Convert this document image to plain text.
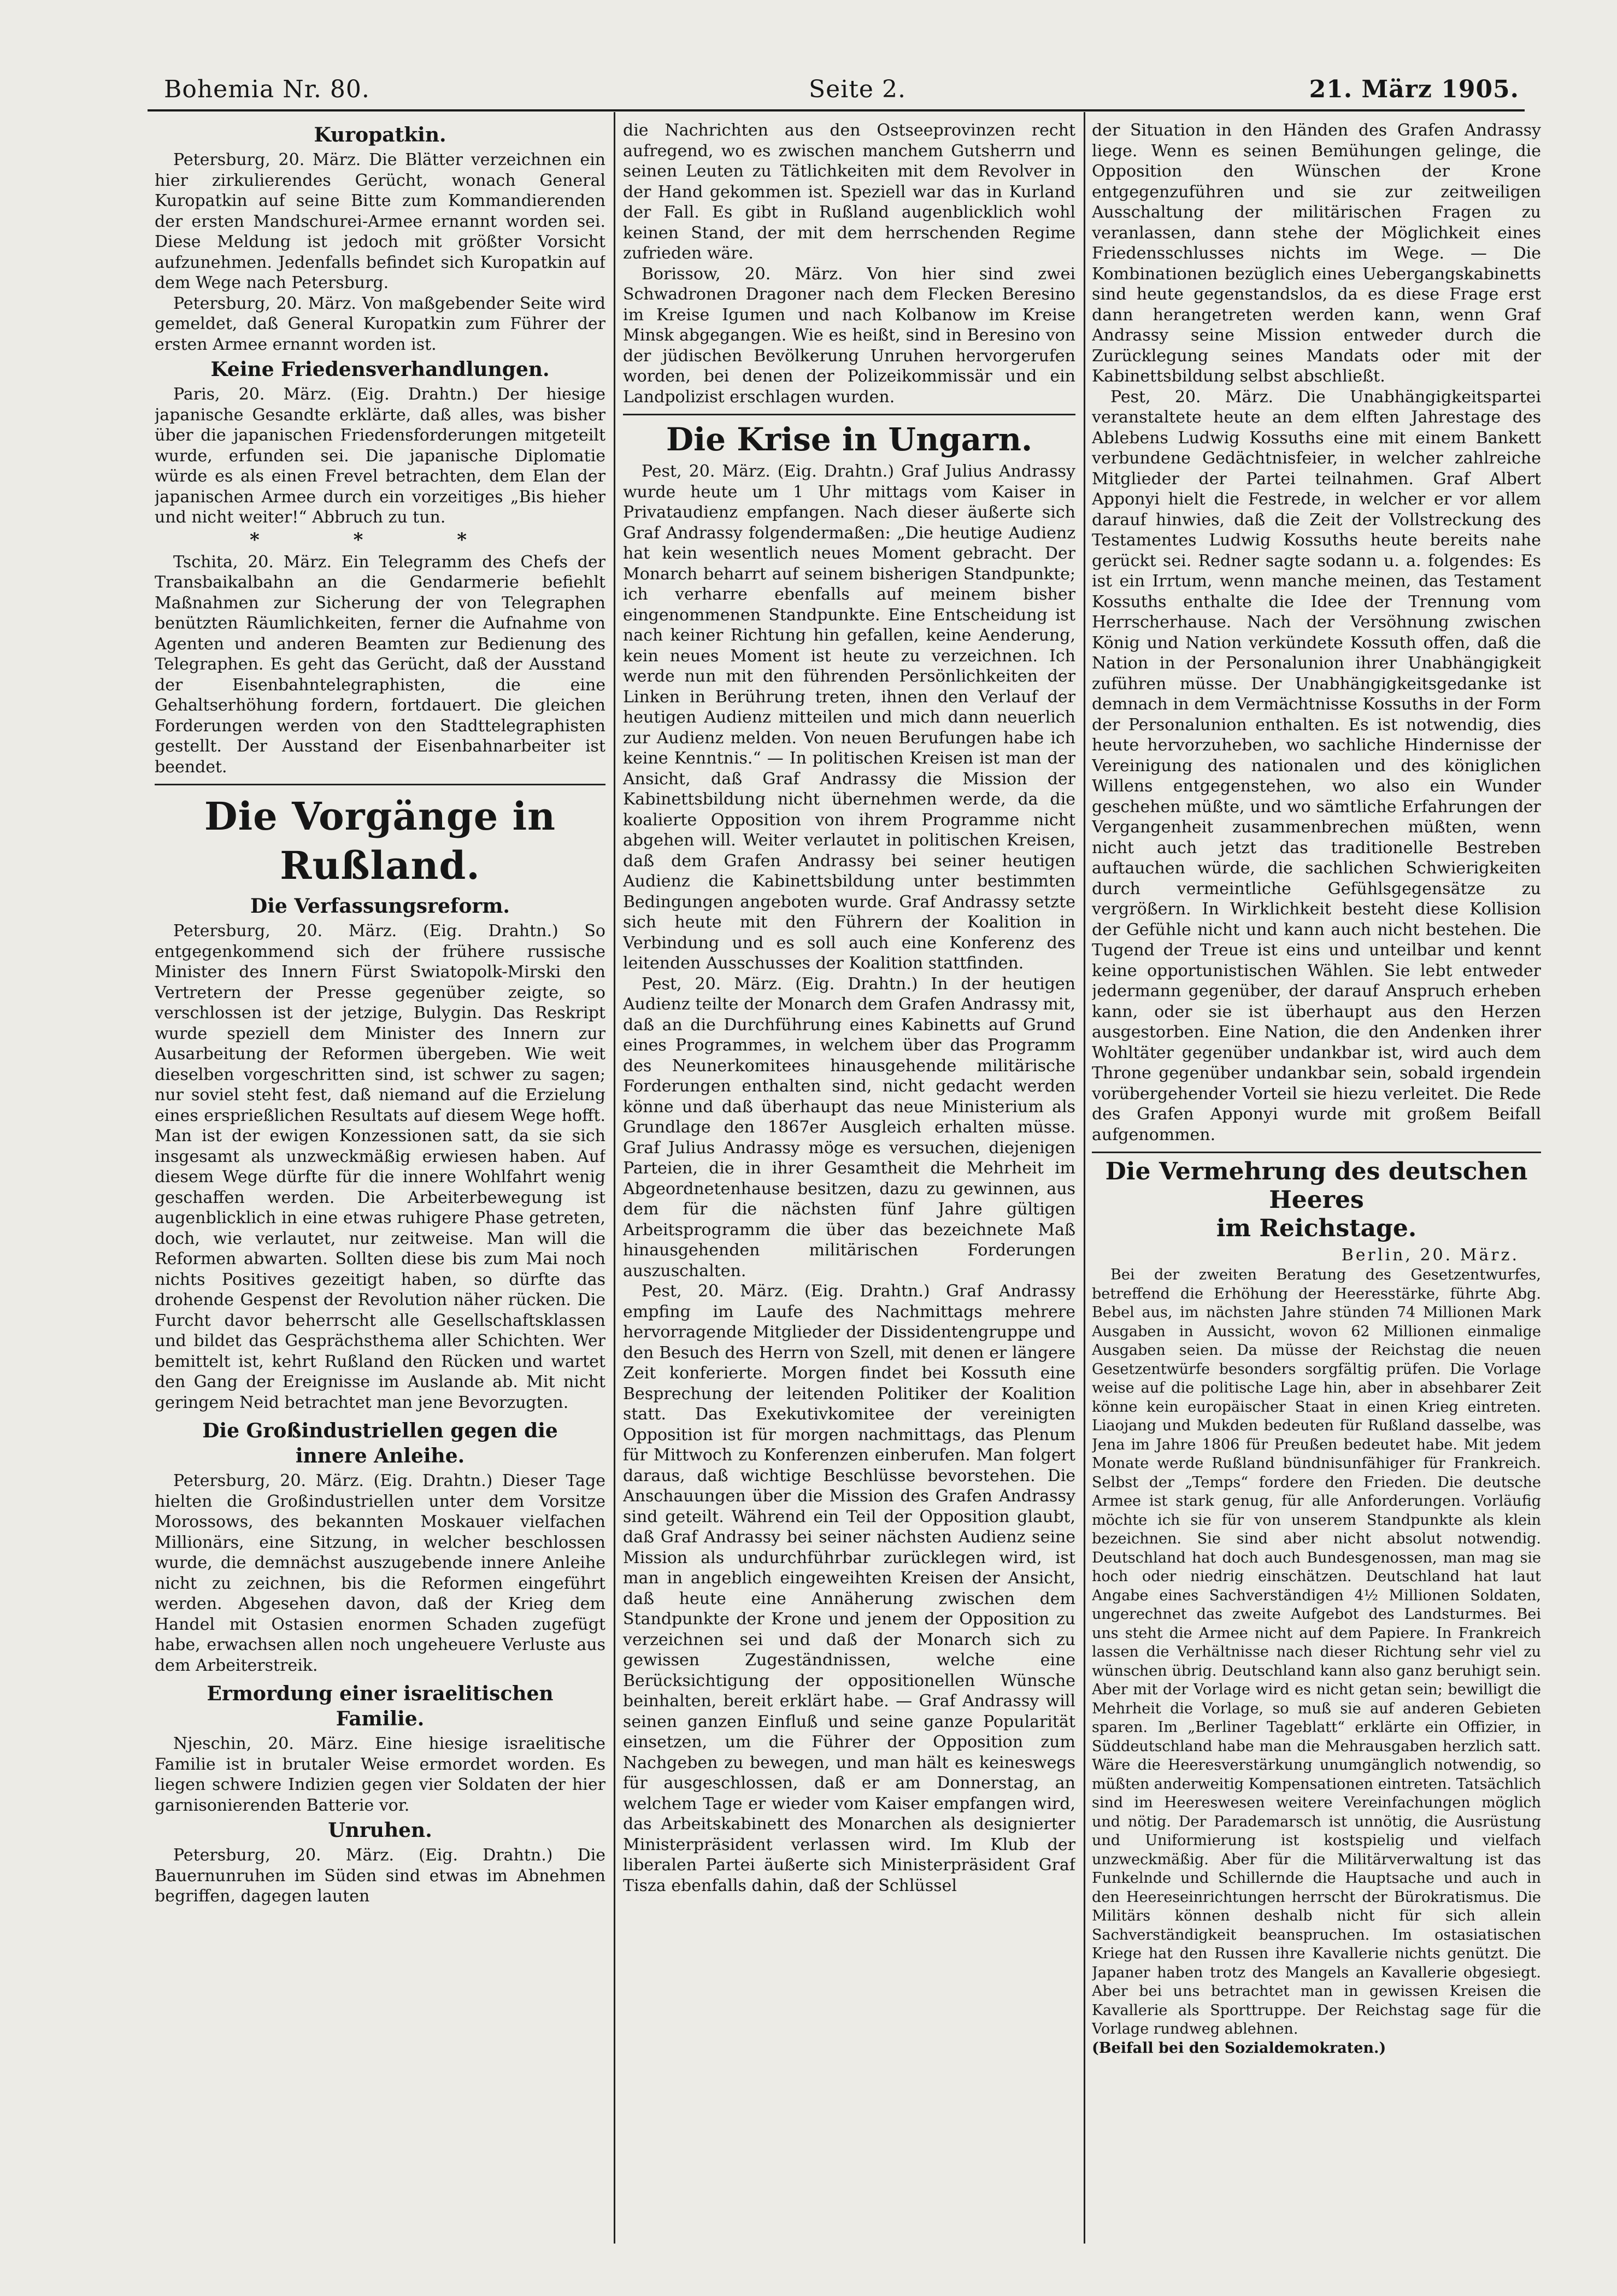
Bohemia Nr. 80.	Seite 2.	21. März 1905.
Kuropatkin.

Petersburg, 20. März. Die Blätter verzeichnen ein hier zirkulierendes Gerücht, wonach General Kuropatkin auf seine Bitte zum Kommandierenden der ersten Mandschurei-Armee ernannt worden sei. Diese Meldung ist jedoch mit größter Vorsicht aufzunehmen. Jedenfalls befindet sich Kuropatkin auf dem Wege nach Petersburg.

Petersburg, 20. März. Von maßgebender Seite wird gemeldet, daß General Kuropatkin zum Führer der ersten Armee ernannt worden ist.

Keine Friedensverhandlungen.

Paris, 20. März. (Eig. Drahtn.) Der hiesige japanische Gesandte erklärte, daß alles, was bisher über die japanischen Friedensforderungen mitgeteilt wurde, erfunden sei. Die japanische Diplomatie würde es als einen Frevel betrachten, dem Elan der japanischen Armee durch ein vorzeitiges „Bis hieher und nicht weiter!“ Abbruch zu tun.

* * *

Tschita, 20. März. Ein Telegramm des Chefs der Transbaikalbahn an die Gendarmerie befiehlt Maßnahmen zur Sicherung der von Telegraphen benützten Räumlichkeiten, ferner die Aufnahme von Agenten und anderen Beamten zur Bedienung des Telegraphen. Es geht das Gerücht, daß der Ausstand der Eisenbahntelegraphisten, die eine Gehaltserhöhung fordern, fortdauert. Die gleichen Forderungen werden von den Stadttelegraphisten gestellt. Der Ausstand der Eisenbahnarbeiter ist beendet.

Die Vorgänge in Rußland.
Die Verfassungsreform.

Petersburg, 20. März. (Eig. Drahtn.) So entgegenkommend sich der frühere russische Minister des Innern Fürst Swiatopolk-Mirski den Vertretern der Presse gegenüber zeigte, so verschlossen ist der jetzige, Bulygin. Das Reskript wurde speziell dem Minister des Innern zur Ausarbeitung der Reformen übergeben. Wie weit dieselben vorgeschritten sind, ist schwer zu sagen; nur soviel steht fest, daß niemand auf die Erzielung eines ersprießlichen Resultats auf diesem Wege hofft. Man ist der ewigen Konzessionen satt, da sie sich insgesamt als unzweckmäßig erwiesen haben. Auf diesem Wege dürfte für die innere Wohlfahrt wenig geschaffen werden. Die Arbeiterbewegung ist augenblicklich in eine etwas ruhigere Phase getreten, doch, wie verlautet, nur zeitweise. Man will die Reformen abwarten. Sollten diese bis zum Mai noch nichts Positives gezeitigt haben, so dürfte das drohende Gespenst der Revolution näher rücken. Die Furcht davor beherrscht alle Gesellschaftsklassen und bildet das Gesprächsthema aller Schichten. Wer bemittelt ist, kehrt Rußland den Rücken und wartet den Gang der Ereignisse im Auslande ab. Mit nicht geringem Neid betrachtet man jene Bevorzugten.

Die Großindustriellen gegen die
innere Anleihe.

Petersburg, 20. März. (Eig. Drahtn.) Dieser Tage hielten die Großindustriellen unter dem Vorsitze Morossows, des bekannten Moskauer vielfachen Millionärs, eine Sitzung, in welcher beschlossen wurde, die demnächst auszugebende innere Anleihe nicht zu zeichnen, bis die Reformen eingeführt werden. Abgesehen davon, daß der Krieg dem Handel mit Ostasien enormen Schaden zugefügt habe, erwachsen allen noch ungeheuere Verluste aus dem Arbeiterstreik.

Ermordung einer israelitischen
Familie.

Njeschin, 20. März. Eine hiesige israelitische Familie ist in brutaler Weise ermordet worden. Es liegen schwere Indizien gegen vier Soldaten der hier garnisonierenden Batterie vor.

Unruhen.

Petersburg, 20. März. (Eig. Drahtn.) Die Bauernunruhen im Süden sind etwas im Abnehmen begriffen, dagegen lauten

die Nachrichten aus den Ostseeprovinzen recht aufregend, wo es zwischen manchem Gutsherrn und seinen Leuten zu Tätlichkeiten mit dem Revolver in der Hand gekommen ist. Speziell war das in Kurland der Fall. Es gibt in Rußland augenblicklich wohl keinen Stand, der mit dem herrschenden Regime zufrieden wäre.

Borissow, 20. März. Von hier sind zwei Schwadronen Dragoner nach dem Flecken Beresino im Kreise Igumen und nach Kolbanow im Kreise Minsk abgegangen. Wie es heißt, sind in Beresino von der jüdischen Bevölkerung Unruhen hervorgerufen worden, bei denen der Polizeikommissär und ein Landpolizist erschlagen wurden.

Die Krise in Ungarn.

Pest, 20. März. (Eig. Drahtn.) Graf Julius Andrassy wurde heute um 1 Uhr mittags vom Kaiser in Privataudienz empfangen. Nach dieser äußerte sich Graf Andrassy folgendermaßen: „Die heutige Audienz hat kein wesentlich neues Moment gebracht. Der Monarch beharrt auf seinem bisherigen Standpunkte; ich verharre ebenfalls auf meinem bisher eingenommenen Standpunkte. Eine Entscheidung ist nach keiner Richtung hin gefallen, keine Aenderung, kein neues Moment ist heute zu verzeichnen. Ich werde nun mit den führenden Persönlichkeiten der Linken in Berührung treten, ihnen den Verlauf der heutigen Audienz mitteilen und mich dann neuerlich zur Audienz melden. Von neuen Berufungen habe ich keine Kenntnis.“ — In politischen Kreisen ist man der Ansicht, daß Graf Andrassy die Mission der Kabinettsbildung nicht übernehmen werde, da die koalierte Opposition von ihrem Programme nicht abgehen will. Weiter verlautet in politischen Kreisen, daß dem Grafen Andrassy bei seiner heutigen Audienz die Kabinettsbildung unter bestimmten Bedingungen angeboten wurde. Graf Andrassy setzte sich heute mit den Führern der Koalition in Verbindung und es soll auch eine Konferenz des leitenden Ausschusses der Koalition stattfinden.

Pest, 20. März. (Eig. Drahtn.) In der heutigen Audienz teilte der Monarch dem Grafen Andrassy mit, daß an die Durchführung eines Kabinetts auf Grund eines Programmes, in welchem über das Programm des Neunerkomitees hinausgehende militärische Forderungen enthalten sind, nicht gedacht werden könne und daß überhaupt das neue Ministerium als Grundlage den 1867er Ausgleich erhalten müsse. Graf Julius Andrassy möge es versuchen, diejenigen Parteien, die in ihrer Gesamtheit die Mehrheit im Abgeordnetenhause besitzen, dazu zu gewinnen, aus dem für die nächsten fünf Jahre gültigen Arbeitsprogramm die über das bezeichnete Maß hinausgehenden militärischen Forderungen auszuschalten.

Pest, 20. März. (Eig. Drahtn.) Graf Andrassy empfing im Laufe des Nachmittags mehrere hervorragende Mitglieder der Dissidentengruppe und den Besuch des Herrn von Szell, mit denen er längere Zeit konferierte. Morgen findet bei Kossuth eine Besprechung der leitenden Politiker der Koalition statt. Das Exekutivkomitee der vereinigten Opposition ist für morgen nachmittags, das Plenum für Mittwoch zu Konferenzen einberufen. Man folgert daraus, daß wichtige Beschlüsse bevorstehen. Die Anschauungen über die Mission des Grafen Andrassy sind geteilt. Während ein Teil der Opposition glaubt, daß Graf Andrassy bei seiner nächsten Audienz seine Mission als undurchführbar zurücklegen wird, ist man in angeblich eingeweihten Kreisen der Ansicht, daß heute eine Annäherung zwischen dem Standpunkte der Krone und jenem der Opposition zu verzeichnen sei und daß der Monarch sich zu gewissen Zugeständnissen, welche eine Berücksichtigung der oppositionellen Wünsche beinhalten, bereit erklärt habe. — Graf Andrassy will seinen ganzen Einfluß und seine ganze Popularität einsetzen, um die Führer der Opposition zum Nachgeben zu bewegen, und man hält es keineswegs für ausgeschlossen, daß er am Donnerstag, an welchem Tage er wieder vom Kaiser empfangen wird, das Arbeitskabinett des Monarchen als designierter Ministerpräsident verlassen wird. Im Klub der liberalen Partei äußerte sich Ministerpräsident Graf Tisza ebenfalls dahin, daß der Schlüssel

der Situation in den Händen des Grafen Andrassy liege. Wenn es seinen Bemühungen gelinge, die Opposition den Wünschen der Krone entgegenzuführen und sie zur zeitweiligen Ausschaltung der militärischen Fragen zu veranlassen, dann stehe der Möglichkeit eines Friedensschlusses nichts im Wege. — Die Kombinationen bezüglich eines Uebergangskabinetts sind heute gegenstandslos, da es diese Frage erst dann herangetreten werden kann, wenn Graf Andrassy seine Mission entweder durch die Zurücklegung seines Mandats oder mit der Kabinettsbildung selbst abschließt.

Pest, 20. März. Die Unabhängigkeitspartei veranstaltete heute an dem elften Jahrestage des Ablebens Ludwig Kossuths eine mit einem Bankett verbundene Gedächtnisfeier, in welcher zahlreiche Mitglieder der Partei teilnahmen. Graf Albert Apponyi hielt die Festrede, in welcher er vor allem darauf hinwies, daß die Zeit der Vollstreckung des Testamentes Ludwig Kossuths heute bereits nahe gerückt sei. Redner sagte sodann u. a. folgendes: Es ist ein Irrtum, wenn manche meinen, das Testament Kossuths enthalte die Idee der Trennung vom Herrscherhause. Nach der Versöhnung zwischen König und Nation verkündete Kossuth offen, daß die Nation in der Personalunion ihrer Unabhängigkeit zuführen müsse. Der Unabhängigkeitsgedanke ist demnach in dem Vermächtnisse Kossuths in der Form der Personalunion enthalten. Es ist notwendig, dies heute hervorzuheben, wo sachliche Hindernisse der Vereinigung des nationalen und des königlichen Willens entgegenstehen, wo also ein Wunder geschehen müßte, und wo sämtliche Erfahrungen der Vergangenheit zusammenbrechen müßten, wenn nicht auch jetzt das traditionelle Bestreben auftauchen würde, die sachlichen Schwierigkeiten durch vermeintliche Gefühlsgegensätze zu vergrößern. In Wirklichkeit besteht diese Kollision der Gefühle nicht und kann auch nicht bestehen. Die Tugend der Treue ist eins und unteilbar und kennt keine opportunistischen Wählen. Sie lebt entweder jedermann gegenüber, der darauf Anspruch erheben kann, oder sie ist überhaupt aus den Herzen ausgestorben. Eine Nation, die den Andenken ihrer Wohltäter gegenüber undankbar ist, wird auch dem Throne gegenüber undankbar sein, sobald irgendein vorübergehender Vorteil sie hiezu verleitet. Die Rede des Grafen Apponyi wurde mit großem Beifall aufgenommen.

Die Vermehrung des deutschen Heeres
im Reichstage.
Berlin, 20. März.

Bei der zweiten Beratung des Gesetzentwurfes, betreffend die Erhöhung der Heeresstärke, führte Abg. Bebel aus, im nächsten Jahre stünden 74 Millionen Mark Ausgaben in Aussicht, wovon 62 Millionen einmalige Ausgaben seien. Da müsse der Reichstag die neuen Gesetzentwürfe besonders sorgfältig prüfen. Die Vorlage weise auf die politische Lage hin, aber in absehbarer Zeit könne kein europäischer Staat in einen Krieg eintreten. Liaojang und Mukden bedeuten für Rußland dasselbe, was Jena im Jahre 1806 für Preußen bedeutet habe. Mit jedem Monate werde Rußland bündnisunfähiger für Frankreich. Selbst der „Temps“ fordere den Frieden. Die deutsche Armee ist stark genug, für alle Anforderungen. Vorläufig möchte ich sie für von unserem Standpunkte als klein bezeichnen. Sie sind aber nicht absolut notwendig. Deutschland hat doch auch Bundesgenossen, man mag sie hoch oder niedrig einschätzen. Deutschland hat laut Angabe eines Sachverständigen 4½ Millionen Soldaten, ungerechnet das zweite Aufgebot des Landsturmes. Bei uns steht die Armee nicht auf dem Papiere. In Frankreich lassen die Verhältnisse nach dieser Richtung sehr viel zu wünschen übrig. Deutschland kann also ganz beruhigt sein. Aber mit der Vorlage wird es nicht getan sein; bewilligt die Mehrheit die Vorlage, so muß sie auf anderen Gebieten sparen. Im „Berliner Tageblatt“ erklärte ein Offizier, in Süddeutschland habe man die Mehrausgaben herzlich satt. Wäre die Heeresverstärkung unumgänglich notwendig, so müßten anderweitig Kompensationen eintreten. Tatsächlich sind im Heereswesen weitere Vereinfachungen möglich und nötig. Der Parademarsch ist unnötig, die Ausrüstung und Uniformierung ist kostspielig und vielfach unzweckmäßig. Aber für die Militärverwaltung ist das Funkelnde und Schillernde die Hauptsache und auch in den Heereseinrichtungen herrscht der Bürokratismus. Die Militärs können deshalb nicht für sich allein Sachverständigkeit beanspruchen. Im ostasiatischen Kriege hat den Russen ihre Kavallerie nichts genützt. Die Japaner haben trotz des Mangels an Kavallerie obgesiegt. Aber bei uns betrachtet man in gewissen Kreisen die Kavallerie als Sporttruppe. Der Reichstag sage für die Vorlage rundweg ablehnen.

(Beifall bei den Sozialdemokraten.)
